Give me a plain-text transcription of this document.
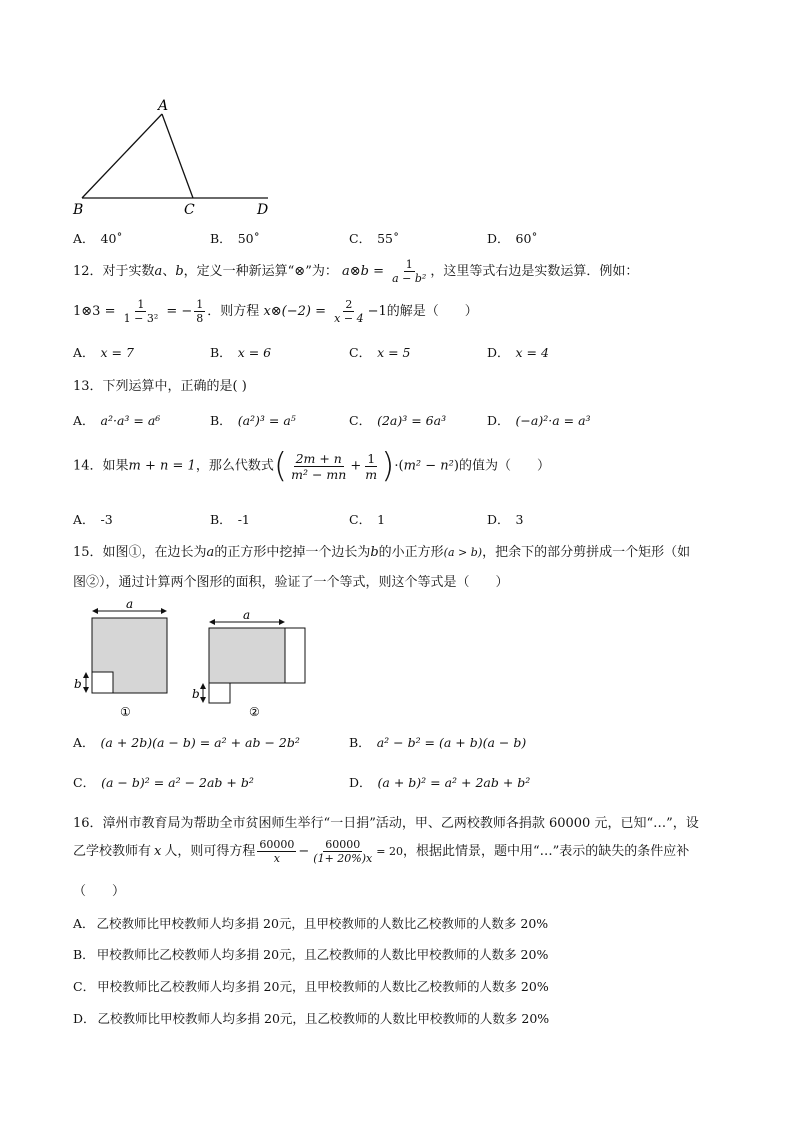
A
B	C	D
A． 40˚	B． 50˚	C． 55˚	D． 60˚
12．对于实数a、b，定义一种新运算“⊗”为： a⊗b = $\frac{1}{\text{a − b²}}$ ，这里等式右边是实数运算．例如：
1⊗3 = $\frac{1}{\text{1 − 3²}}$ = − $\frac{1}{8}$ ．则方程 x⊗(−2) = $\frac{2}{x - 4} -1$的解是（　　）
A． x = 7	B． x = 6	C． x = 5	D． x = 4
13．下列运算中，正确的是( )
A． a²·a³ = a⁶	B． (a²)³ = a⁵	C． (2a)³ = 6a³	D． (−a)²·a = a³
14．如果m + n = 1，那么代数式( $\frac{2m + n}{\text{m² − mn}} + \frac{1}{m} )\cdot(m^2 - n^2)$的值为（　　）
A． -3	B． -1	C． 1	D． 3
15．如图①，在边长为a的正方形中挖掉一个边长为b的小正方形(a > b)，把余下的部分剪拼成一个矩形（如
图②），通过计算两个图形的面积，验证了一个等式，则这个等式是（　　）
a
b
①
a
b
②
A． (a + 2b)(a − b) = a² + ab − 2b²	B． a² − b² = (a + b)(a − b)
C． (a − b)² = a² − 2ab + b²	D． (a + b)² = a² + 2ab + b²
16．漳州市教育局为帮助全市贫困师生举行“一日捐”活动，甲、乙两校教师各捐款 60000 元，已知“…”，设
乙学校教师有 x 人，则可得方程 $\frac{60000}{x} - \frac{60000}{(1+ 20\%)x} = 20$，根据此情景，题中用“…”表示的缺失的条件应补
（　　）
A． 乙校教师比甲校教师人均多捐 20元，且甲校教师的人数比乙校教师的人数多 20%
B． 甲校教师比乙校教师人均多捐 20元，且乙校教师的人数比甲校教师的人数多 20%
C． 甲校教师比乙校教师人均多捐 20元，且甲校教师的人数比乙校教师的人数多 20%
D． 乙校教师比甲校教师人均多捐 20元，且乙校教师的人数比甲校教师的人数多 20%
